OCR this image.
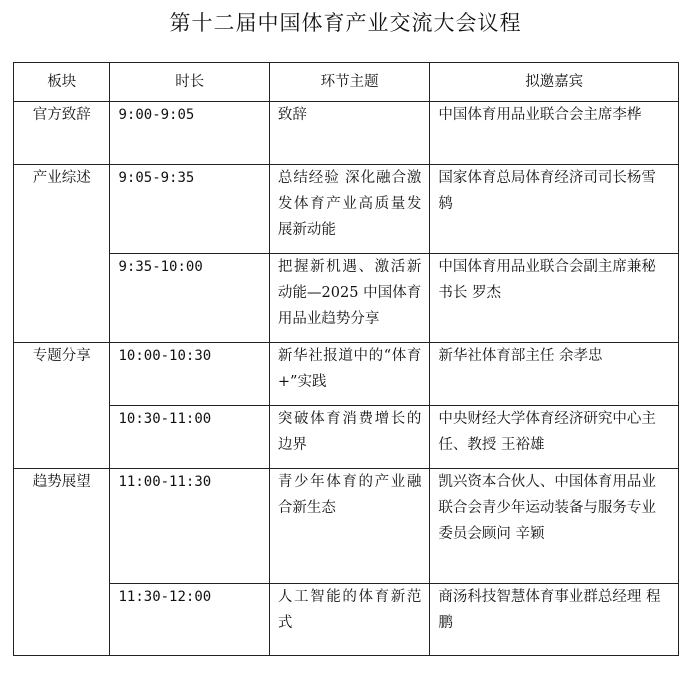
第十二届中国体育产业交流大会议程
板块	时长	环节主题	拟邀嘉宾
官方致辞	9:00-9:05	致辞	中国体育用品业联合会主席李桦
产业综述	9:05-9:35	总结经验 深化融合激发体育产业高质量发展新动能	国家体育总局体育经济司司长杨雪鸫
	9:35-10:00	把握新机遇、激活新动能—2025 中国体育用品业趋势分享	中国体育用品业联合会副主席兼秘书长 罗杰
专题分享	10:00-10:30	新华社报道中的“体育+”实践	新华社体育部主任 余孝忠
	10:30-11:00	突破体育消费增长的边界	中央财经大学体育经济研究中心主任、教授 王裕雄
趋势展望	11:00-11:30	青少年体育的产业融合新生态	凯兴资本合伙人、中国体育用品业联合会青少年运动装备与服务专业委员会顾问 辛颖
	11:30-12:00	人工智能的体育新范式	商汤科技智慧体育事业群总经理 程鹏
